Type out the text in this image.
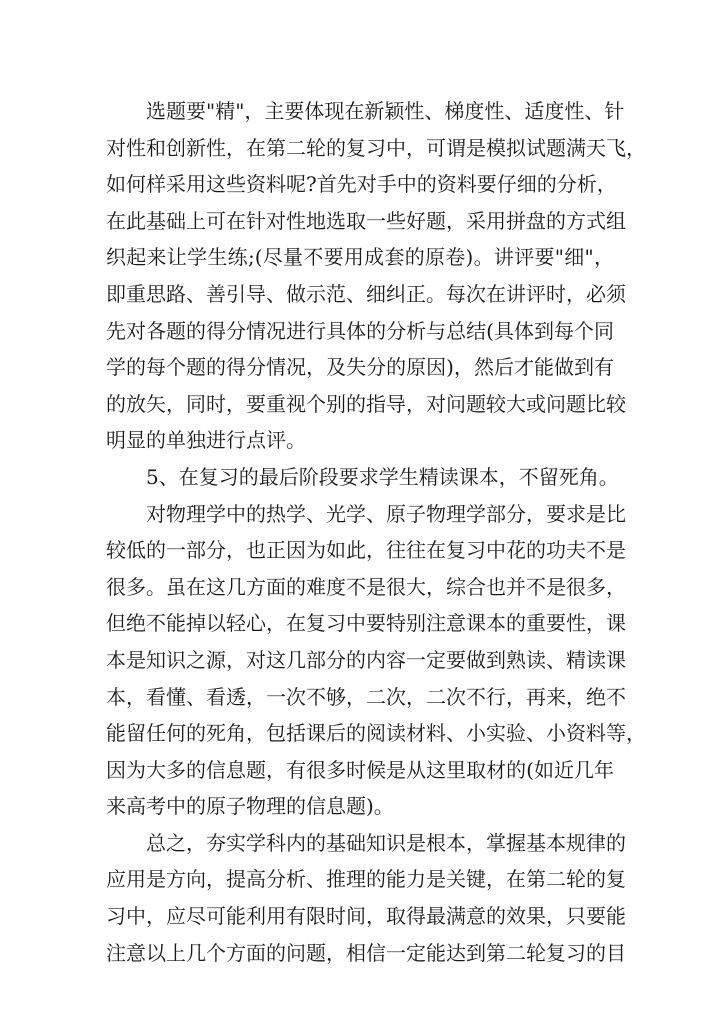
选题要"精"，主要体现在新颖性、梯度性、适度性、针
对性和创新性，在第二轮的复习中，可谓是模拟试题满天飞，
如何样采用这些资料呢?首先对手中的资料要仔细的分析，
在此基础上可在针对性地选取一些好题，采用拼盘的方式组
织起来让学生练;(尽量不要用成套的原卷)。讲评要"细"，
即重思路、善引导、做示范、细纠正。每次在讲评时，必须
先对各题的得分情况进行具体的分析与总结(具体到每个同
学的每个题的得分情况，及失分的原因)，然后才能做到有
的放矢，同时，要重视个别的指导，对问题较大或问题比较
明显的单独进行点评。
5、在复习的最后阶段要求学生精读课本，不留死角。
对物理学中的热学、光学、原子物理学部分，要求是比
较低的一部分，也正因为如此，往往在复习中花的功夫不是
很多。虽在这几方面的难度不是很大，综合也并不是很多，
但绝不能掉以轻心，在复习中要特别注意课本的重要性，课
本是知识之源，对这几部分的内容一定要做到熟读、精读课
本，看懂、看透，一次不够，二次，二次不行，再来，绝不
能留任何的死角，包括课后的阅读材料、小实验、小资料等，
因为大多的信息题，有很多时候是从这里取材的(如近几年
来高考中的原子物理的信息题)。
总之，夯实学科内的基础知识是根本，掌握基本规律的
应用是方向，提高分析、推理的能力是关键，在第二轮的复
习中，应尽可能利用有限时间，取得最满意的效果，只要能
注意以上几个方面的问题，相信一定能达到第二轮复习的目
